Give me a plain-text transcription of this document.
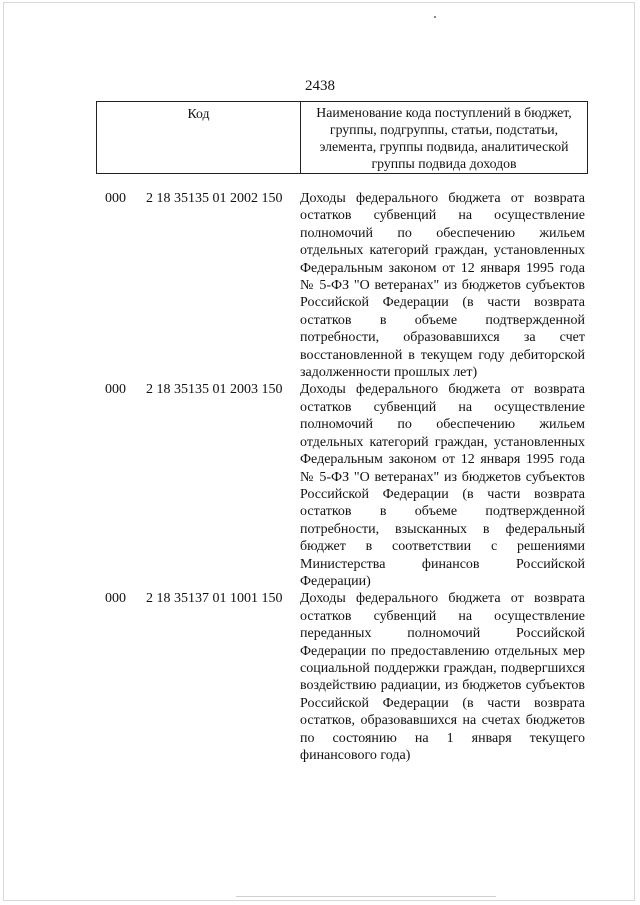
2438
Код	Наименование кода поступлений в бюджет, группы, подгруппы, статьи, подстатьи, элемента, группы подвида, аналитической группы подвида доходов
000 2 18 35135 01 2002 150 Доходы федерального бюджета от возврата остатков субвенций на осуществление полномочий по обеспечению жильем отдельных категорий граждан, установленных Федеральным законом от 12 января 1995 года № 5-ФЗ "О ветеранах" из бюджетов субъектов Российской Федерации (в части возврата остатков в объеме подтвержденной потребности, образовавшихся за счет восстановленной в текущем году дебиторской задолженности прошлых лет)
000 2 18 35135 01 2003 150 Доходы федерального бюджета от возврата остатков субвенций на осуществление полномочий по обеспечению жильем отдельных категорий граждан, установленных Федеральным законом от 12 января 1995 года № 5-ФЗ "О ветеранах" из бюджетов субъектов Российской Федерации (в части возврата остатков в объеме подтвержденной потребности, взысканных в федеральный бюджет в соответствии с решениями Министерства финансов Российской Федерации)
000 2 18 35137 01 1001 150 Доходы федерального бюджета от возврата остатков субвенций на осуществление переданных полномочий Российской Федерации по предоставлению отдельных мер социальной поддержки граждан, подвергшихся воздействию радиации, из бюджетов субъектов Российской Федерации (в части возврата остатков, образовавшихся на счетах бюджетов по состоянию на 1 января текущего финансового года)
